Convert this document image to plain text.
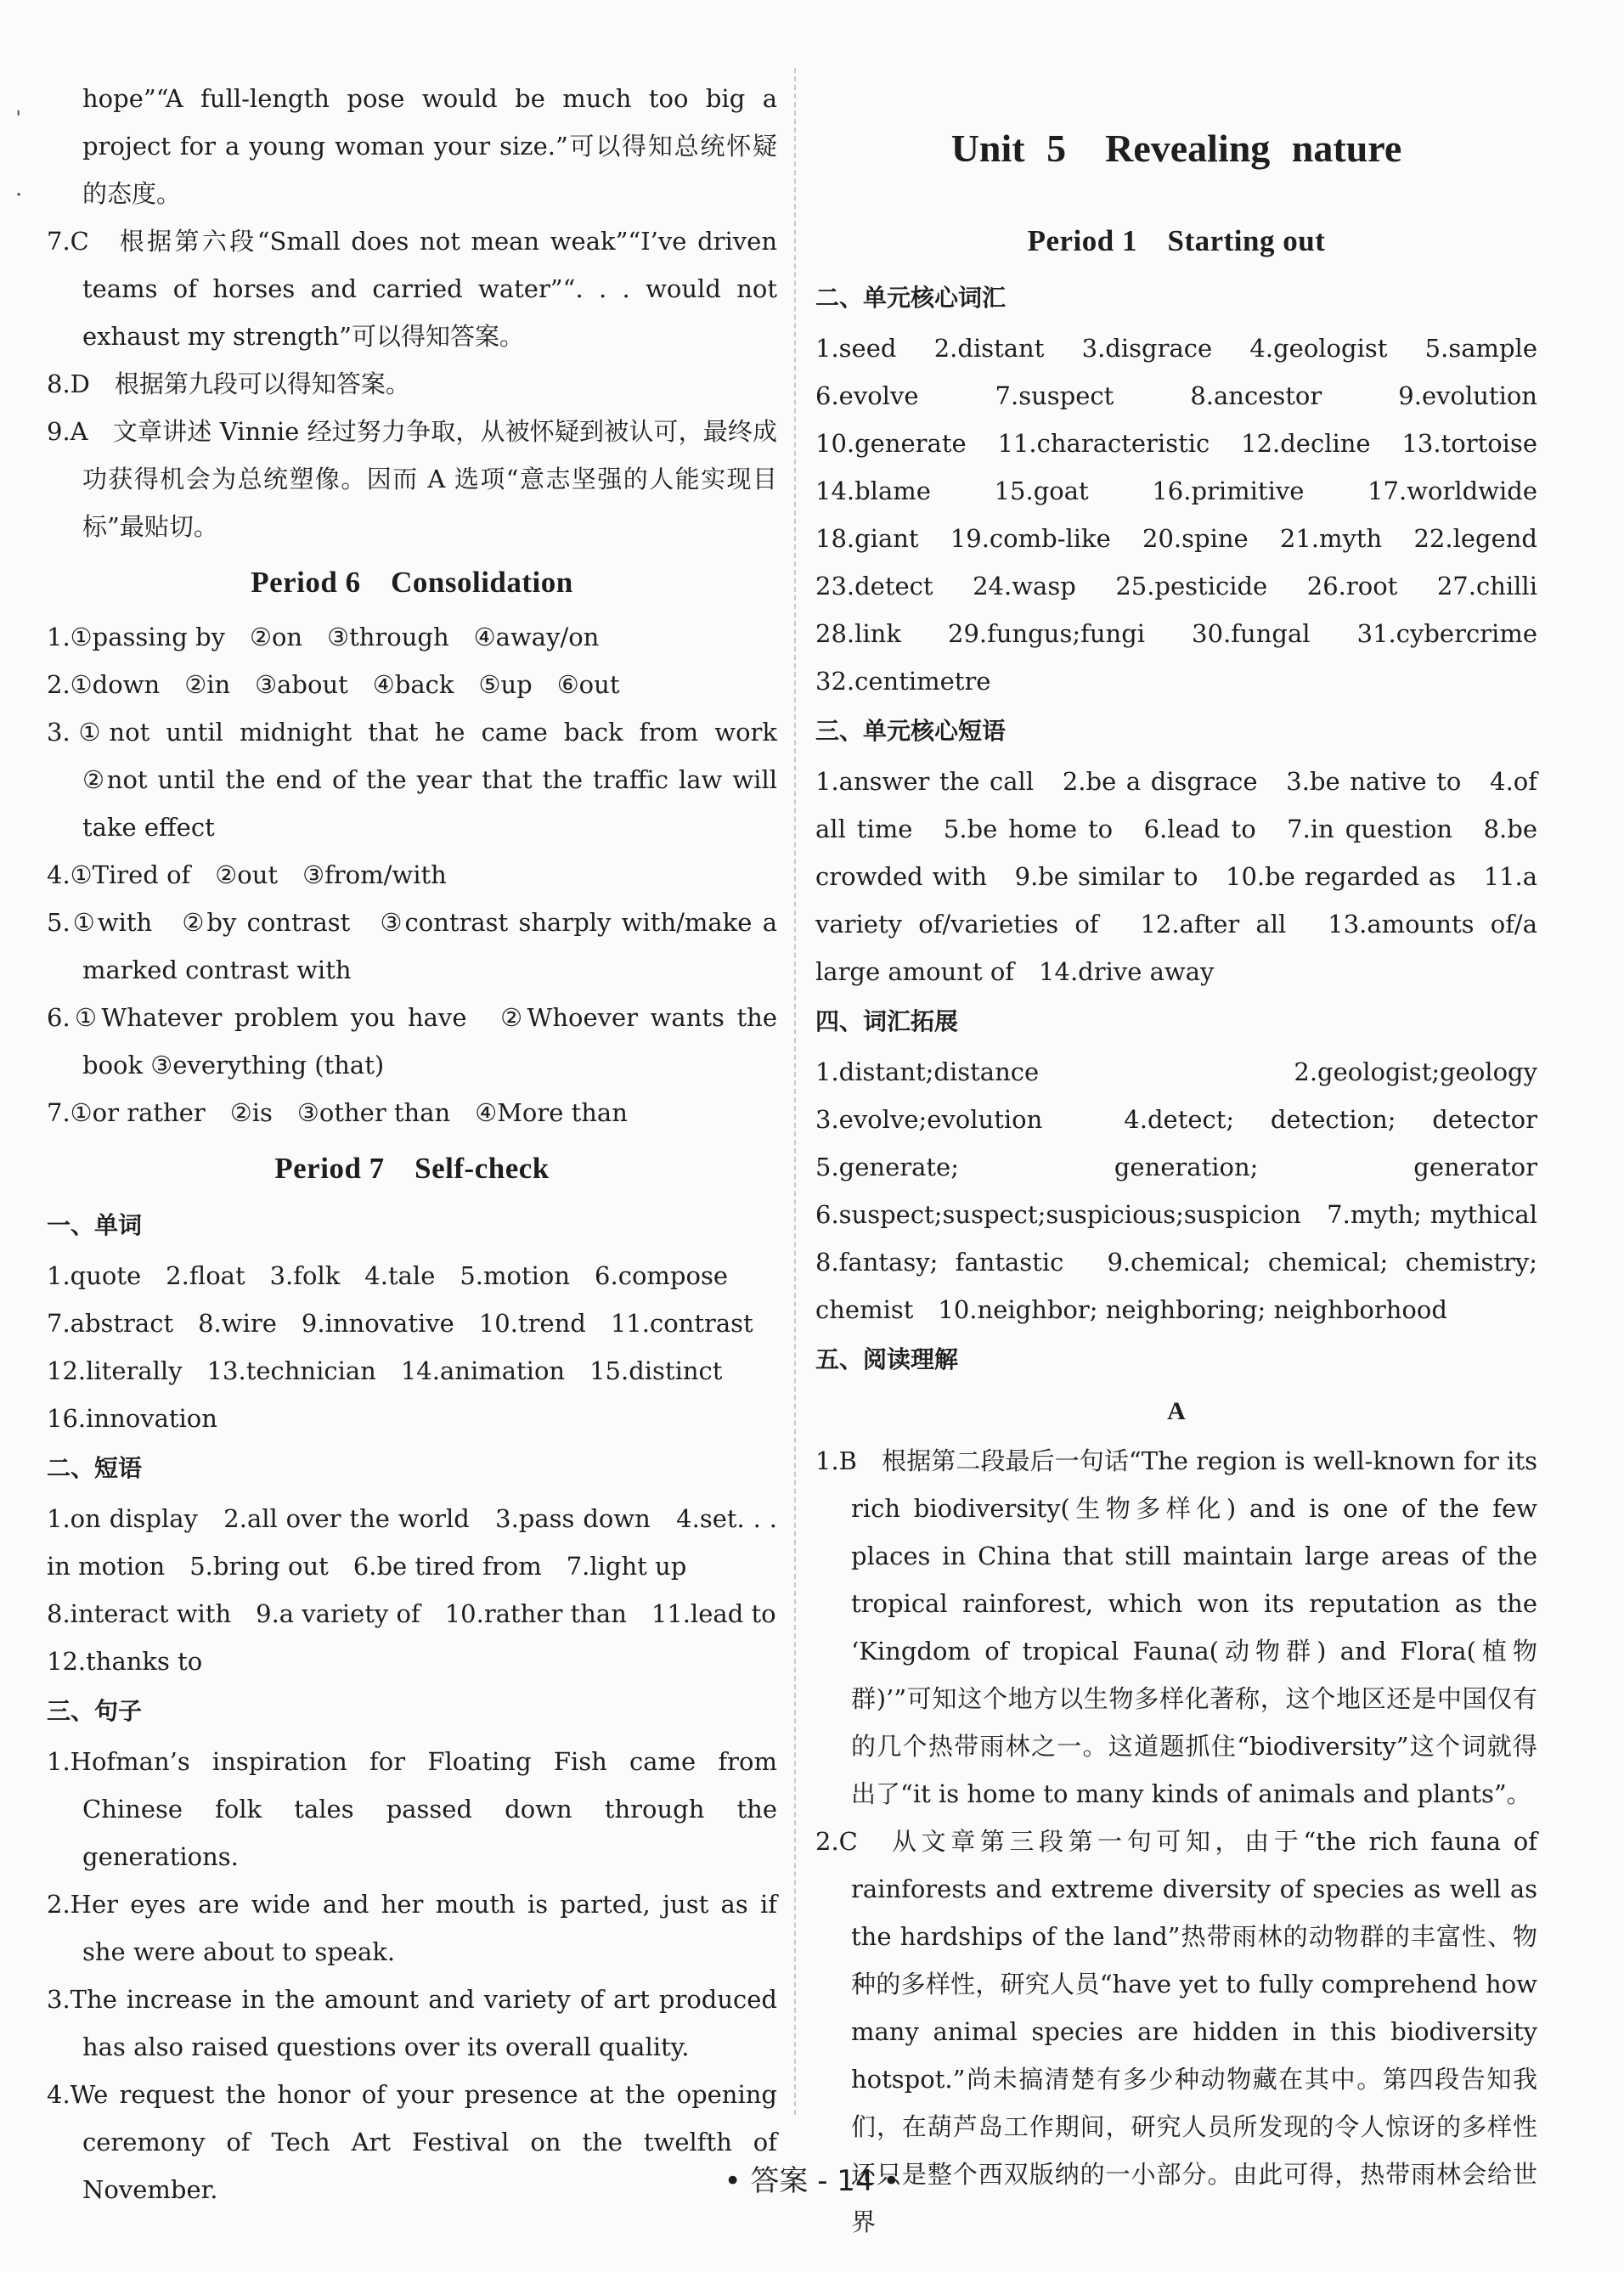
ˌ
·

hope”“A full-length pose would be much too big a project for a young woman your size.”可以得知总统怀疑的态度。

7.C　根据第六段“Small does not mean weak”“I’ve driven teams of horses and carried water”“. . . would not exhaust my strength”可以得知答案。

8.D　根据第九段可以得知答案。

9.A　文章讲述 Vinnie 经过努力争取，从被怀疑到被认可，最终成功获得机会为总统塑像。因而 A 选项“意志坚强的人能实现目标”最贴切。

Period 6　Consolidation

1.①passing by　②on　③through　④away/on

2.①down　②in　③about　④back　⑤up　⑥out

3.①not until midnight that he came back from work　②not until the end of the year that the traffic law will take effect

4.①Tired of　②out　③from/with

5.①with　②by contrast　③contrast sharply with/make a marked contrast with

6.①Whatever problem you have　②Whoever wants the book ③everything (that)

7.①or rather　②is　③other than　④More than

Period 7　Self-check

一、单词

1.quote　2.float　3.folk　4.tale　5.motion　6.compose

7.abstract　8.wire　9.innovative　10.trend　11.contrast

12.literally　13.technician　14.animation　15.distinct

16.innovation

二、短语

1.on display　2.all over the world　3.pass down　4.set. . . in motion　5.bring out　6.be tired from　7.light up

8.interact with　9.a variety of　10.rather than　11.lead to

12.thanks to

三、句子

1.Hofman’s inspiration for Floating Fish came from Chinese folk tales passed down through the generations.

2.Her eyes are wide and her mouth is parted, just as if she were about to speak.

3.The increase in the amount and variety of art produced has also raised questions over its overall quality.

4.We request the honor of your presence at the opening ceremony of Tech Art Festival on the twelfth of November.

Unit 5　Revealing nature
Period 1　Starting out

二、单元核心词汇

1.seed　2.distant　3.disgrace　4.geologist　5.sample　6.evolve　7.suspect　8.ancestor　9.evolution　10.generate　11.characteristic　12.decline　13.tortoise　14.blame　15.goat　16.primitive　17.worldwide　18.giant　19.comb-like　20.spine　21.myth　22.legend　23.detect　24.wasp　25.pesticide　26.root　27.chilli　28.link　29.fungus;fungi　30.fungal　31.cybercrime　32.centimetre

三、单元核心短语

1.answer the call　2.be a disgrace　3.be native to　4.of all time　5.be home to　6.lead to　7.in question　8.be crowded with　9.be similar to　10.be regarded as　11.a variety of/varieties of　12.after all　13.amounts of/a large amount of　14.drive away

四、词汇拓展

1.distant;distance　2.geologist;geology　3.evolve;evolution　4.detect; detection; detector　5.generate; generation; generator　6.suspect;suspect;suspicious;suspicion　7.myth; mythical　8.fantasy; fantastic　9.chemical; chemical; chemistry; chemist　10.neighbor; neighboring; neighborhood

五、阅读理解

A

1.B　根据第二段最后一句话“The region is well-known for its rich biodiversity(生物多样化) and is one of the few places in China that still maintain large areas of the tropical rainforest, which won its reputation as the ‘Kingdom of tropical Fauna(动物群) and Flora(植物群)’”可知这个地方以生物多样化著称，这个地区还是中国仅有的几个热带雨林之一。这道题抓住“biodiversity”这个词就得出了“it is home to many kinds of animals and plants”。

2.C　从文章第三段第一句可知，由于“the rich fauna of rainforests and extreme diversity of species as well as the hardships of the land”热带雨林的动物群的丰富性、物种的多样性，研究人员“have yet to fully comprehend how many animal species are hidden in this biodiversity hotspot.”尚未搞清楚有多少种动物藏在其中。第四段告知我们，在葫芦岛工作期间，研究人员所发现的令人惊讶的多样性还只是整个西双版纳的一小部分。由此可得，热带雨林会给世界

• 答案 - 14 •
